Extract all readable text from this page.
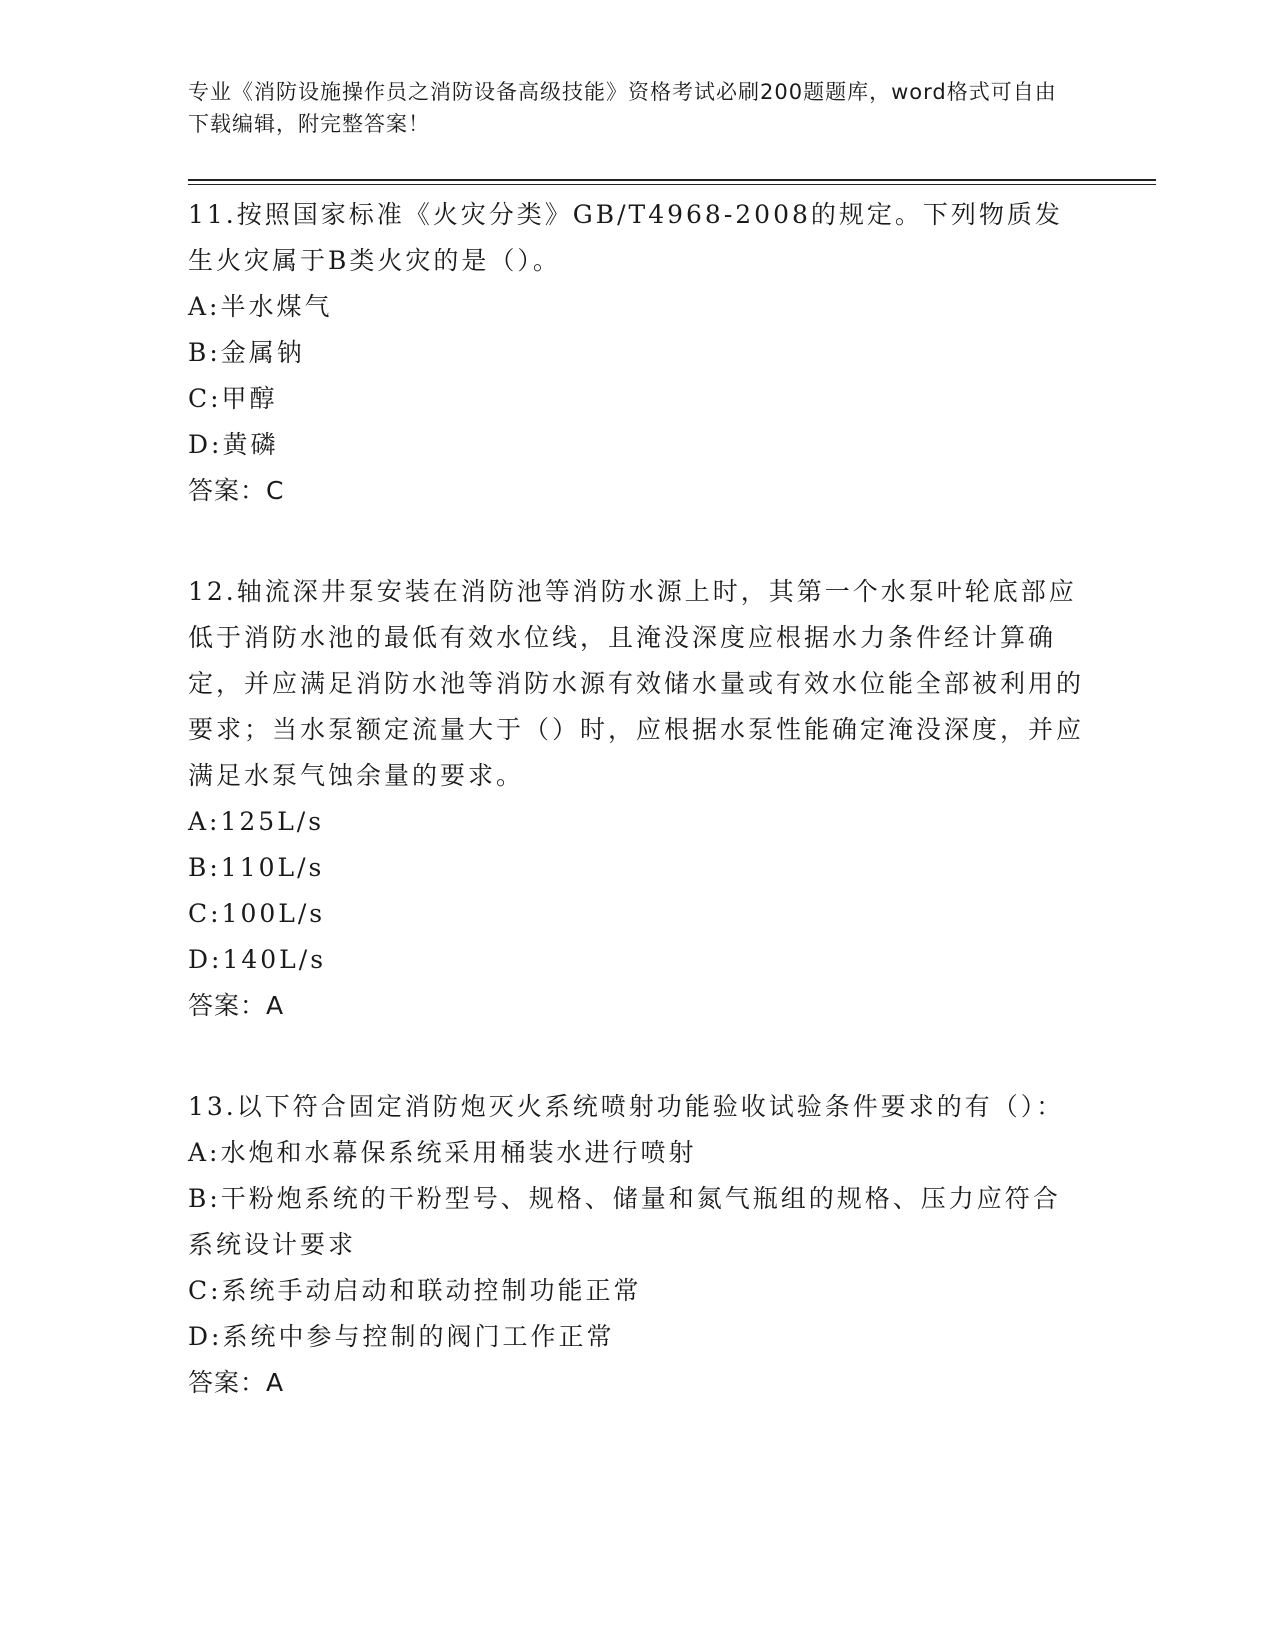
专业《消防设施操作员之消防设备高级技能》资格考试必刷200题题库，word格式可自由下载编辑，附完整答案！
11.按照国家标准《火灾分类》GB/T4968-2008的规定。下列物质发生火灾属于B类火灾的是（）。
A:半水煤气
B:金属钠
C:甲醇
D:黄磷
答案：C
12.轴流深井泵安装在消防池等消防水源上时，其第一个水泵叶轮底部应低于消防水池的最低有效水位线，且淹没深度应根据水力条件经计算确定，并应满足消防水池等消防水源有效储水量或有效水位能全部被利用的要求；当水泵额定流量大于（）时，应根据水泵性能确定淹没深度，并应满足水泵气蚀余量的要求。
A:125L/s
B:110L/s
C:100L/s
D:140L/s
答案：A
13.以下符合固定消防炮灭火系统喷射功能验收试验条件要求的有（）：
A:水炮和水幕保系统采用桶装水进行喷射
B:干粉炮系统的干粉型号、规格、储量和氮气瓶组的规格、压力应符合系统设计要求
C:系统手动启动和联动控制功能正常
D:系统中参与控制的阀门工作正常
答案：A
